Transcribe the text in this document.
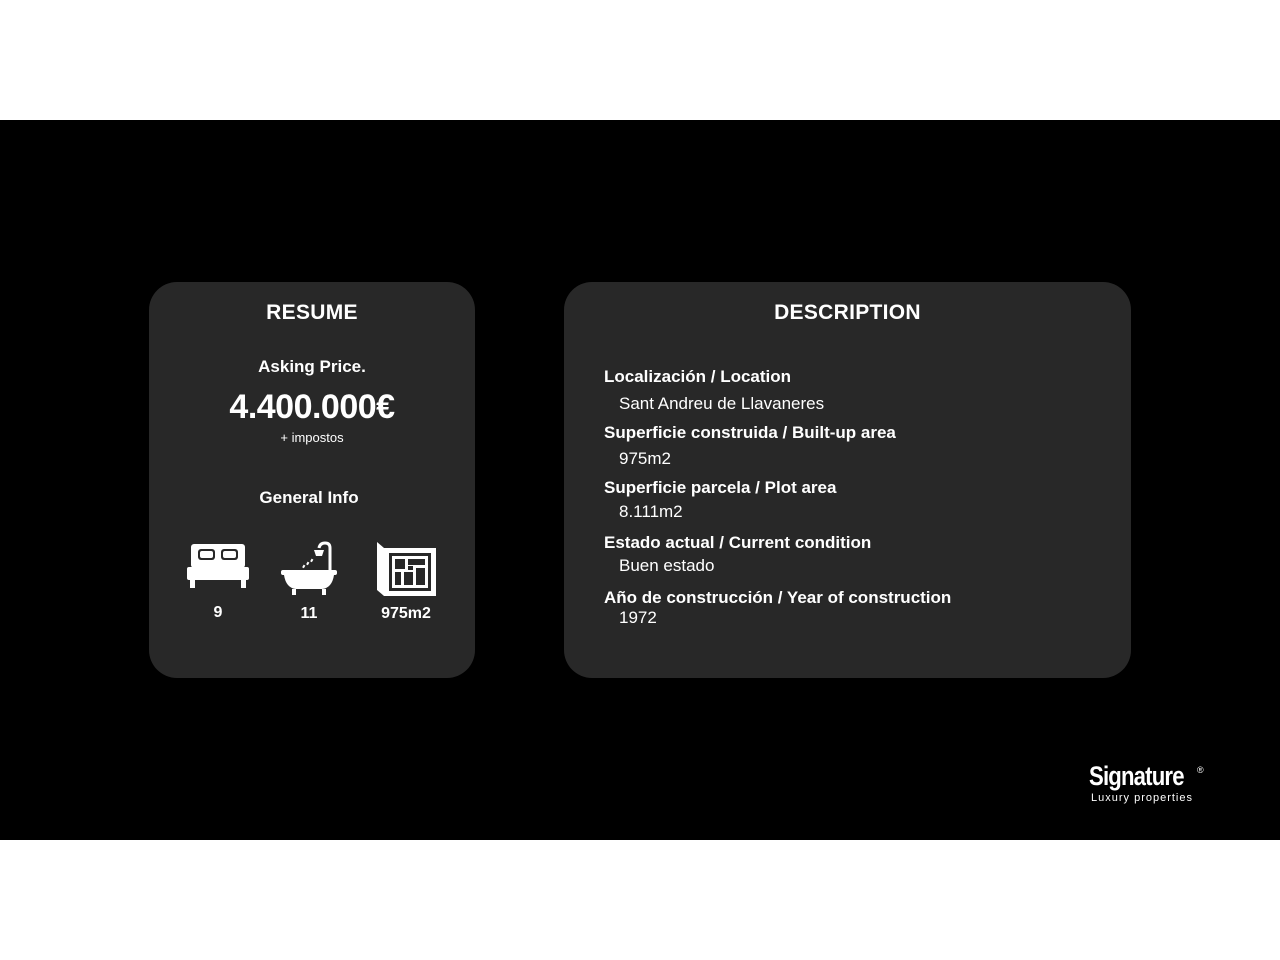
RESUME
Asking Price.
4.400.000€
+ impostos
General Info
9	11	975m2
DESCRIPTION
Localización / Location
Sant Andreu de Llavaneres
Superficie construida / Built-up area
975m2
Superficie parcela / Plot area
8.111m2
Estado actual / Current condition
Buen estado
Año de construcción / Year of construction
1972
Signature ®
Luxury properties
